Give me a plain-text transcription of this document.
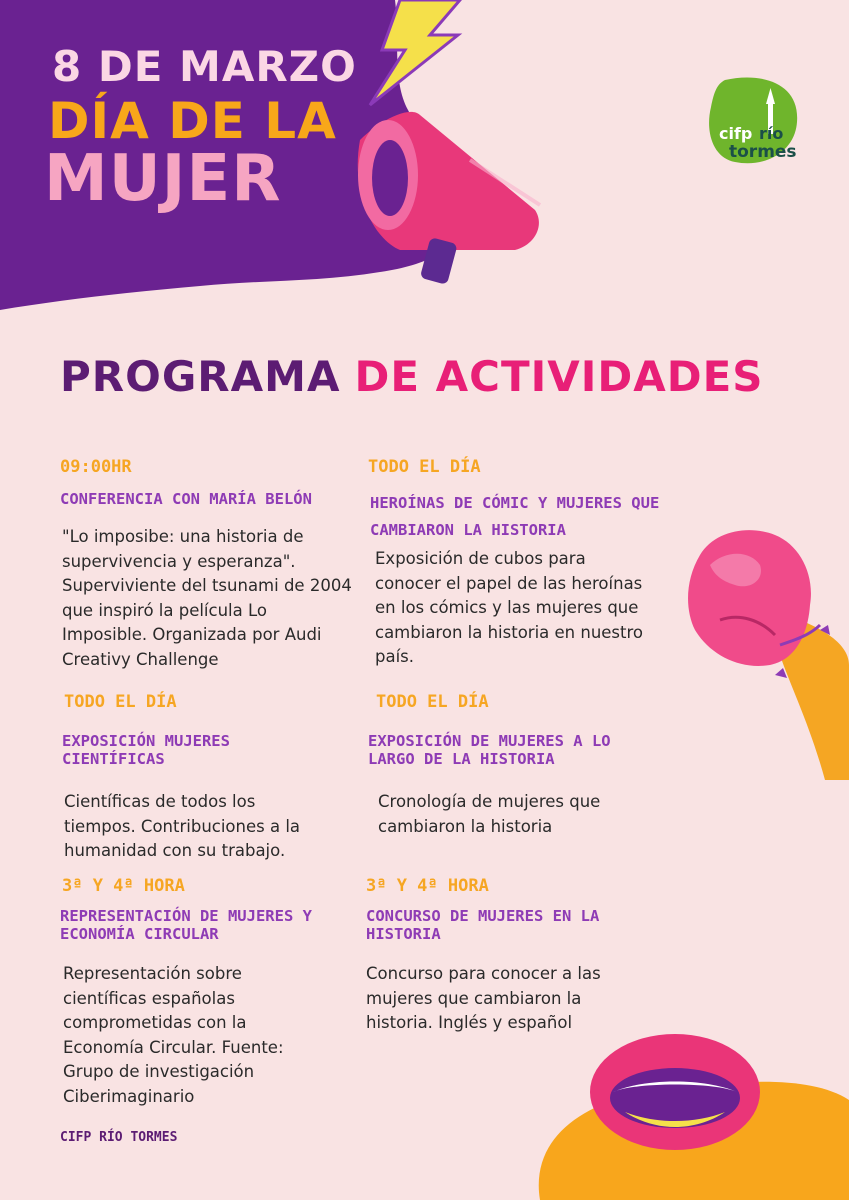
8 DE MARZO
DÍA DE LA
MUJER
cifp río
tormes
PROGRAMA DE ACTIVIDADES
09:00HR
CONFERENCIA CON MARÍA BELÓN
"Lo imposibe: una historia de supervivencia y esperanza". Superviviente del tsunami de 2004 que inspiró la película Lo Imposible. Organizada por Audi Creativy Challenge
TODO EL DÍA
HEROÍNAS DE CÓMIC Y MUJERES QUE CAMBIARON LA HISTORIA
Exposición de cubos para conocer el papel de las heroínas en los cómics y las mujeres que cambiaron la historia en nuestro país.
TODO EL DÍA
EXPOSICIÓN MUJERES CIENTÍFICAS
Científicas de todos los tiempos. Contribuciones a la humanidad con su trabajo.
TODO EL DÍA
EXPOSICIÓN DE MUJERES A LO LARGO DE LA HISTORIA
Cronología de mujeres que cambiaron la historia
3ª Y 4ª HORA
REPRESENTACIÓN DE MUJERES Y ECONOMÍA CIRCULAR
Representación sobre científicas españolas comprometidas con la Economía Circular. Fuente: Grupo de investigación Ciberimaginario
3ª Y 4ª HORA
CONCURSO DE MUJERES EN LA HISTORIA
Concurso para conocer a las mujeres que cambiaron la historia. Inglés y español
CIFP RÍO TORMES
